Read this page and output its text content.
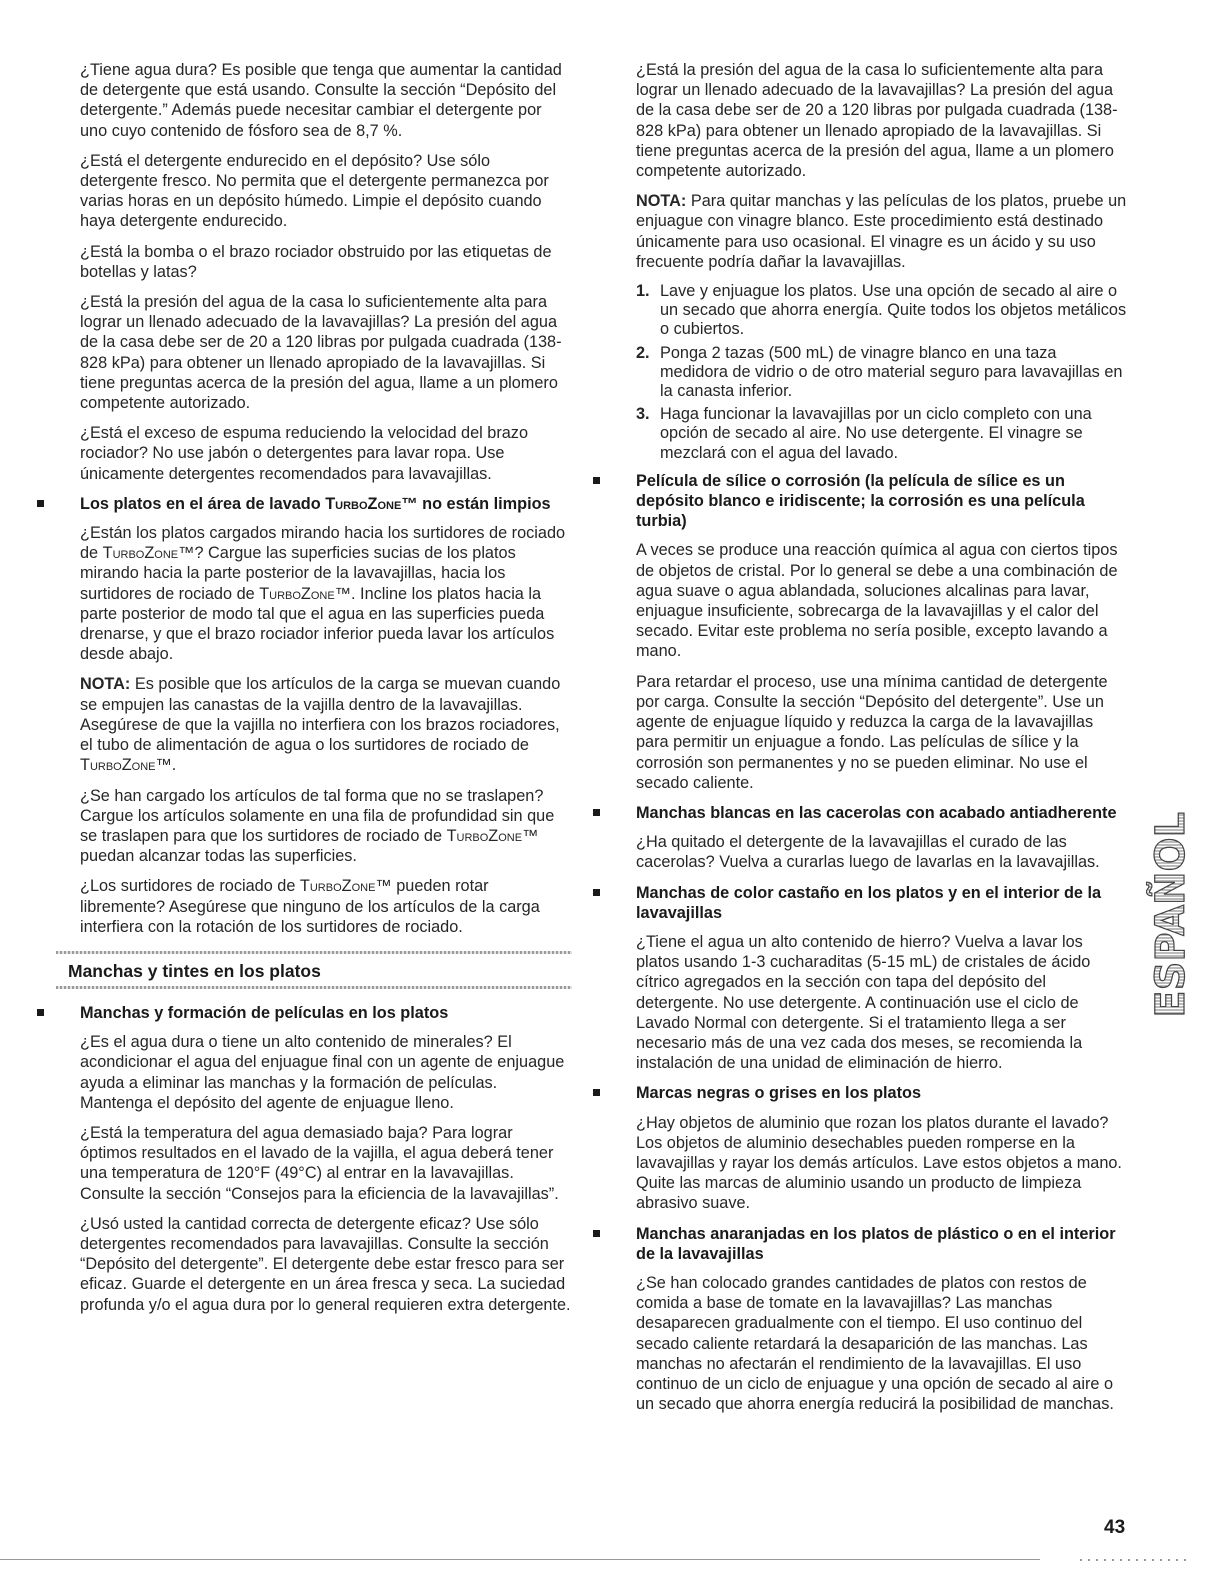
¿Tiene agua dura? Es posible que tenga que aumentar la cantidad de detergente que está usando. Consulte la sección “Depósito del detergente.” Además puede necesitar cambiar el detergente por uno cuyo contenido de fósforo sea de 8,7 %.

¿Está el detergente endurecido en el depósito? Use sólo detergente fresco. No permita que el detergente permanezca por varias horas en un depósito húmedo. Limpie el depósito cuando haya detergente endurecido.

¿Está la bomba o el brazo rociador obstruido por las etiquetas de botellas y latas?

¿Está la presión del agua de la casa lo suficientemente alta para lograr un llenado adecuado de la lavavajillas? La presión del agua de la casa debe ser de 20 a 120 libras por pulgada cuadrada (138-828 kPa) para obtener un llenado apropiado de la lavavajillas. Si tiene preguntas acerca de la presión del agua, llame a un plomero competente autorizado.

¿Está el exceso de espuma reduciendo la velocidad del brazo rociador? No use jabón o detergentes para lavar ropa. Use únicamente detergentes recomendados para lavavajillas.

Los platos en el área de lavado TurboZone™ no están limpios

¿Están los platos cargados mirando hacia los surtidores de rociado de TurboZone™? Cargue las superficies sucias de los platos mirando hacia la parte posterior de la lavavajillas, hacia los surtidores de rociado de TurboZone™. Incline los platos hacia la parte posterior de modo tal que el agua en las superficies pueda drenarse, y que el brazo rociador inferior pueda lavar los artículos desde abajo.

NOTA: Es posible que los artículos de la carga se muevan cuando se empujen las canastas de la vajilla dentro de la lavavajillas. Asegúrese de que la vajilla no interfiera con los brazos rociadores, el tubo de alimentación de agua o los surtidores de rociado de TurboZone™.

¿Se han cargado los artículos de tal forma que no se traslapen? Cargue los artículos solamente en una fila de profundidad sin que se traslapen para que los surtidores de rociado de TurboZone™ puedan alcanzar todas las superficies.

¿Los surtidores de rociado de TurboZone™ pueden rotar libremente? Asegúrese que ninguno de los artículos de la carga interfiera con la rotación de los surtidores de rociado.

Manchas y tintes en los platos
Manchas y formación de películas en los platos

¿Es el agua dura o tiene un alto contenido de minerales? El acondicionar el agua del enjuague final con un agente de enjuague ayuda a eliminar las manchas y la formación de películas. Mantenga el depósito del agente de enjuague lleno.

¿Está la temperatura del agua demasiado baja? Para lograr óptimos resultados en el lavado de la vajilla, el agua deberá tener una temperatura de 120°F (49°C) al entrar en la lavavajillas. Consulte la sección “Consejos para la eficiencia de la lavavajillas”.

¿Usó usted la cantidad correcta de detergente eficaz? Use sólo detergentes recomendados para lavavajillas. Consulte la sección “Depósito del detergente”. El detergente debe estar fresco para ser eficaz. Guarde el detergente en un área fresca y seca. La suciedad profunda y/o el agua dura por lo general requieren extra detergente.

¿Está la presión del agua de la casa lo suficientemente alta para lograr un llenado adecuado de la lavavajillas? La presión del agua de la casa debe ser de 20 a 120 libras por pulgada cuadrada (138-828 kPa) para obtener un llenado apropiado de la lavavajillas. Si tiene preguntas acerca de la presión del agua, llame a un plomero competente autorizado.

NOTA: Para quitar manchas y las películas de los platos, pruebe un enjuague con vinagre blanco. Este procedimiento está destinado únicamente para uso ocasional. El vinagre es un ácido y su uso frecuente podría dañar la lavavajillas.

1. Lave y enjuague los platos. Use una opción de secado al aire o un secado que ahorra energía. Quite todos los objetos metálicos o cubiertos.
2. Ponga 2 tazas (500 mL) de vinagre blanco en una taza medidora de vidrio o de otro material seguro para lavavajillas en la canasta inferior.
3. Haga funcionar la lavavajillas por un ciclo completo con una opción de secado al aire. No use detergente. El vinagre se mezclará con el agua del lavado.
Película de sílice o corrosión (la película de sílice es un depósito blanco e iridiscente; la corrosión es una película turbia)

A veces se produce una reacción química al agua con ciertos tipos de objetos de cristal. Por lo general se debe a una combinación de agua suave o agua ablandada, soluciones alcalinas para lavar, enjuague insuficiente, sobrecarga de la lavavajillas y el calor del secado. Evitar este problema no sería posible, excepto lavando a mano.

Para retardar el proceso, use una mínima cantidad de detergente por carga. Consulte la sección “Depósito del detergente”. Use un agente de enjuague líquido y reduzca la carga de la lavavajillas para permitir un enjuague a fondo. Las películas de sílice y la corrosión son permanentes y no se pueden eliminar. No use el secado caliente.

Manchas blancas en las cacerolas con acabado antiadherente

¿Ha quitado el detergente de la lavavajillas el curado de las cacerolas? Vuelva a curarlas luego de lavarlas en la lavavajillas.

Manchas de color castaño en los platos y en el interior de la lavavajillas

¿Tiene el agua un alto contenido de hierro? Vuelva a lavar los platos usando 1-3 cucharaditas (5-15 mL) de cristales de ácido cítrico agregados en la sección con tapa del depósito del detergente. No use detergente. A continuación use el ciclo de Lavado Normal con detergente. Si el tratamiento llega a ser necesario más de una vez cada dos meses, se recomienda la instalación de una unidad de eliminación de hierro.

Marcas negras o grises en los platos

¿Hay objetos de aluminio que rozan los platos durante el lavado? Los objetos de aluminio desechables pueden romperse en la lavavajillas y rayar los demás artículos. Lave estos objetos a mano. Quite las marcas de aluminio usando un producto de limpieza abrasivo suave.

Manchas anaranjadas en los platos de plástico o en el interior de la lavavajillas

¿Se han colocado grandes cantidades de platos con restos de comida a base de tomate en la lavavajillas? Las manchas desaparecen gradualmente con el tiempo. El uso continuo del secado caliente retardará la desaparición de las manchas. Las manchas no afectarán el rendimiento de la lavavajillas. El uso continuo de un ciclo de enjuague y una opción de secado al aire o un secado que ahorra energía reducirá la posibilidad de manchas.

ESPAÑOL
43
